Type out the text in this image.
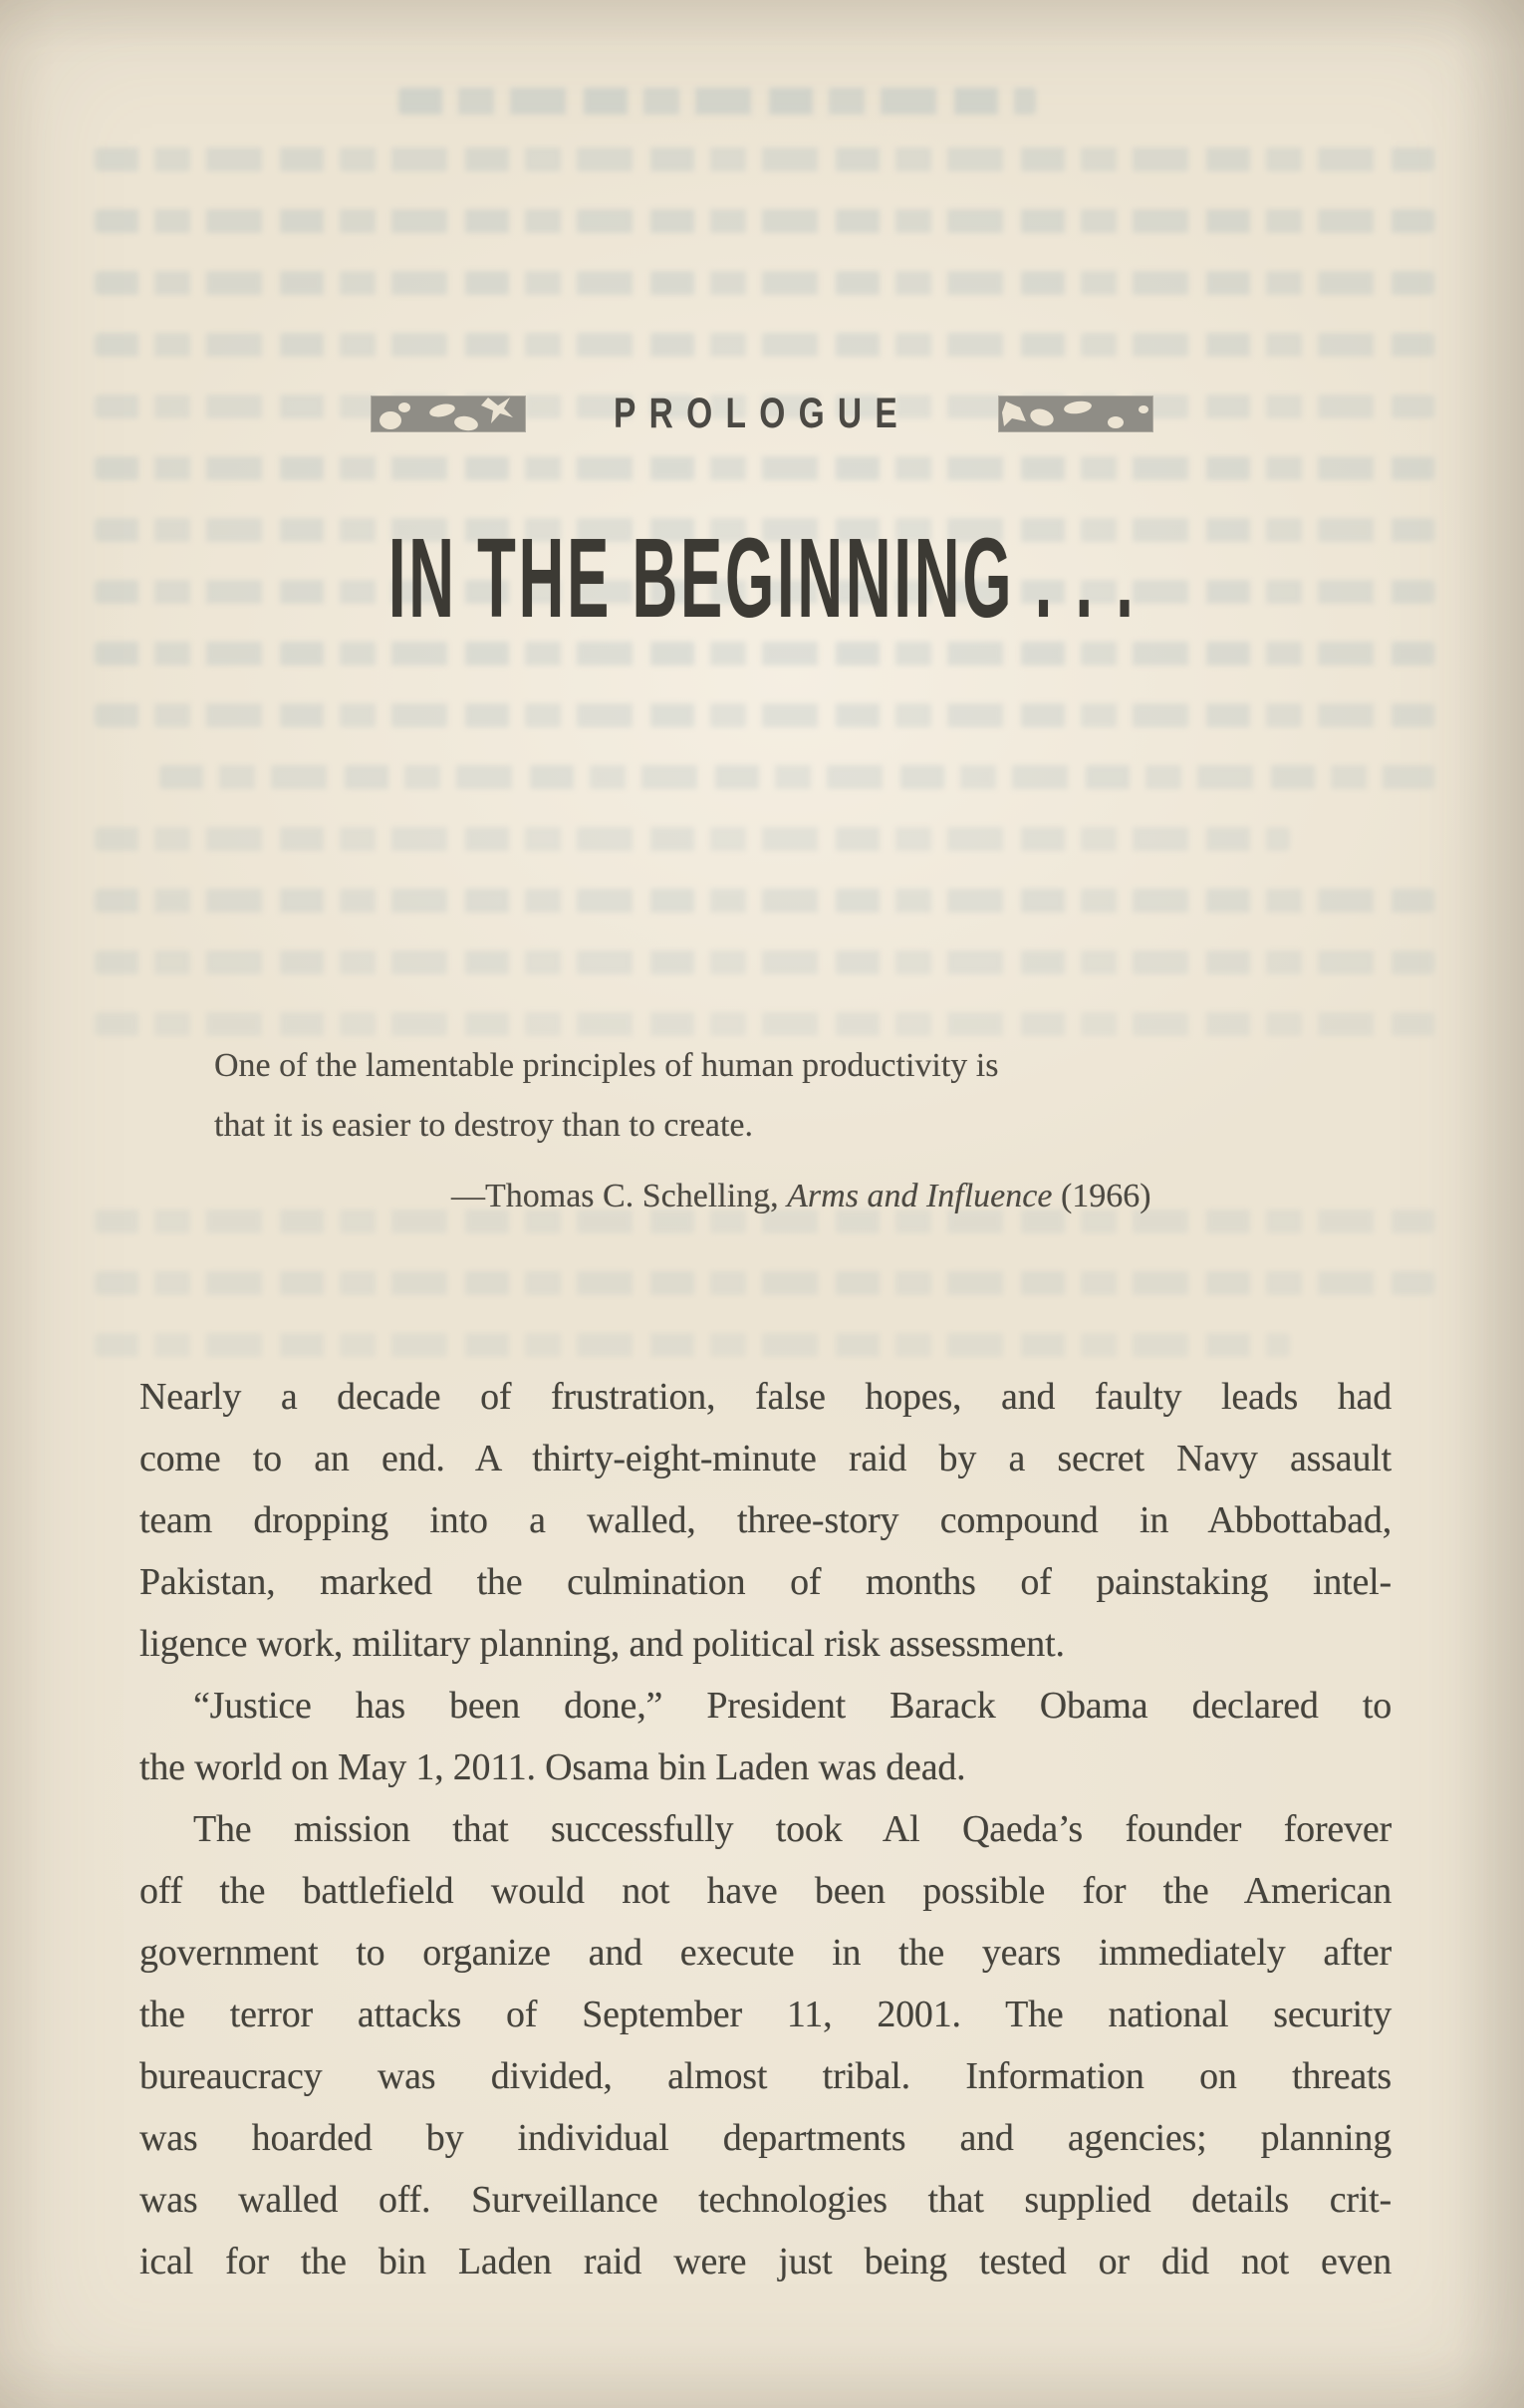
PROLOGUE
IN THE BEGINNING . . .
One of the lamentable principles of human productivity is
that it is easier to destroy than to create.
—Thomas C. Schelling, Arms and Influence (1966)
Nearly a decade of frustration, false hopes, and faulty leads had
come to an end. A thirty-eight-minute raid by a secret Navy assault
team dropping into a walled, three-story compound in Abbottabad,
Pakistan, marked the culmination of months of painstaking intel-
ligence work, military planning, and political risk assessment.
“Justice has been done,” President Barack Obama declared to
the world on May 1, 2011. Osama bin Laden was dead.
The mission that successfully took Al Qaeda’s founder forever
off the battlefield would not have been possible for the American
government to organize and execute in the years immediately after
the terror attacks of September 11, 2001. The national security
bureaucracy was divided, almost tribal. Information on threats
was hoarded by individual departments and agencies; planning
was walled off. Surveillance technologies that supplied details crit-
ical for the bin Laden raid were just being tested or did not even
